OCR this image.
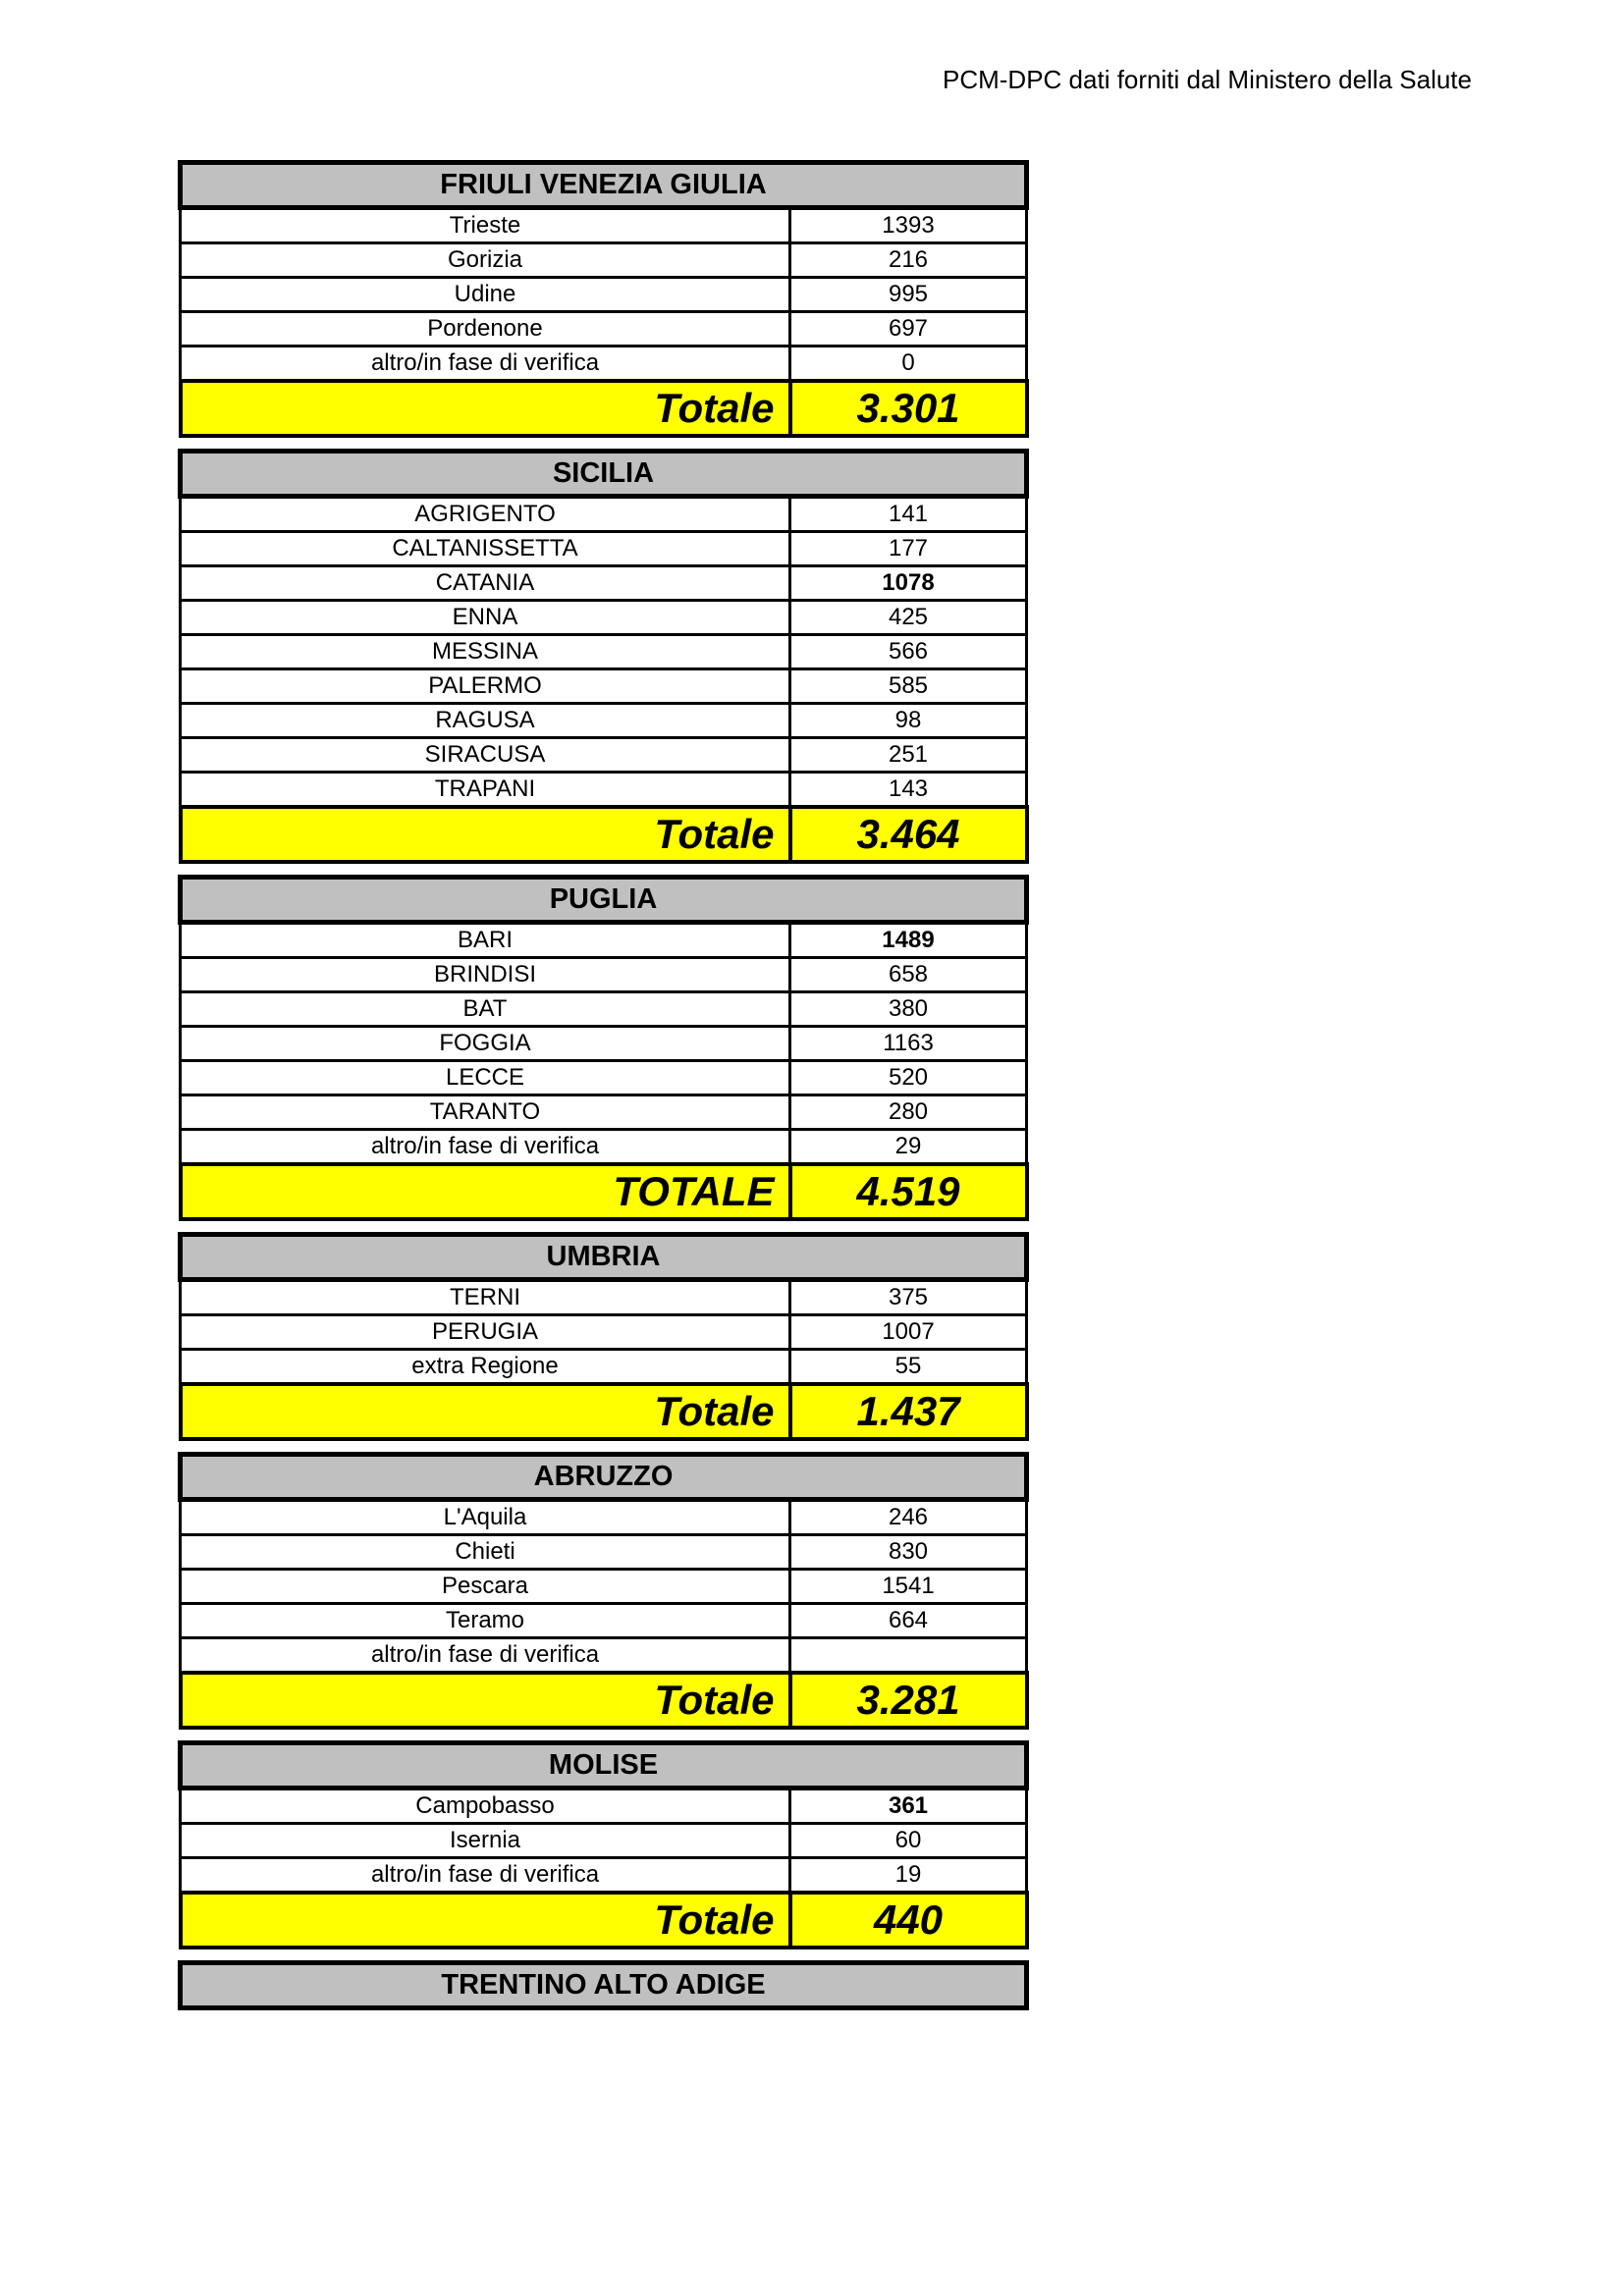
PCM-DPC dati forniti dal Ministero della Salute
FRIULI VENEZIA GIULIA	
Trieste	1393
Gorizia	216
Udine	995
Pordenone	697
altro/in fase di verifica	0
Totale	3.301
SICILIA	
AGRIGENTO	141
CALTANISSETTA	177
CATANIA	1078
ENNA	425
MESSINA	566
PALERMO	585
RAGUSA	98
SIRACUSA	251
TRAPANI	143
Totale	3.464
PUGLIA	
BARI	1489
BRINDISI	658
BAT	380
FOGGIA	1163
LECCE	520
TARANTO	280
altro/in fase di verifica	29
TOTALE	4.519
UMBRIA	
TERNI	375
PERUGIA	1007
extra Regione	55
Totale	1.437
ABRUZZO	
L'Aquila	246
Chieti	830
Pescara	1541
Teramo	664
altro/in fase di verifica	
Totale	3.281
MOLISE	
Campobasso	361
Isernia	60
altro/in fase di verifica	19
Totale	440
TRENTINO ALTO ADIGE
